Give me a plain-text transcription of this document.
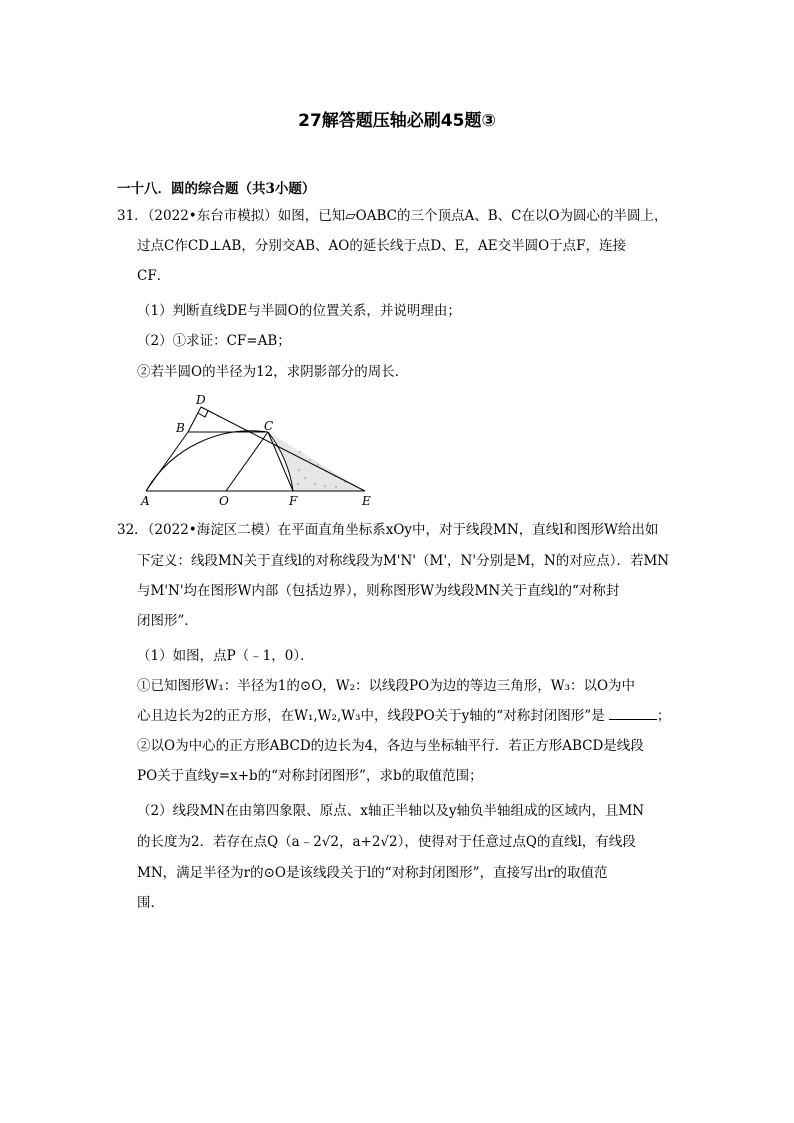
27解答题压轴必刷45题③
一十八．圆的综合题（共3小题）
31．（2022•东台市模拟）如图，已知▱OABC的三个顶点A、B、C在以O为圆心的半圆上，
过点C作CD⊥AB，分别交AB、AO的延长线于点D、E，AE交半圆O于点F，连接
CF．
（1）判断直线DE与半圆O的位置关系，并说明理由；
（2）①求证：CF=AB；
②若半圆O的半径为12，求阴影部分的周长．
D
B	C
A	O	F	E
32．（2022•海淀区二模）在平面直角坐标系xOy中，对于线段MN，直线l和图形W给出如
下定义：线段MN关于直线l的对称线段为M'N'（M'，N'分别是M，N的对应点）．若MN
与M'N'均在图形W内部（包括边界），则称图形W为线段MN关于直线l的“对称封
闭图形”．
（1）如图，点P（﹣1，0）．
①已知图形W₁：半径为1的⊙O，W₂：以线段PO为边的等边三角形，W₃：以O为中
心且边长为2的正方形，在W₁,W₂,W₃中，线段PO关于y轴的“对称封闭图形”是	；
②以O为中心的正方形ABCD的边长为4，各边与坐标轴平行．若正方形ABCD是线段
PO关于直线y=x+b的“对称封闭图形”，求b的取值范围；
（2）线段MN在由第四象限、原点、x轴正半轴以及y轴负半轴组成的区域内，且MN
的长度为2．若存在点Q（a﹣2√2，a+2√2），使得对于任意过点Q的直线l，有线段
MN，满足半径为r的⊙O是该线段关于l的“对称封闭图形”，直接写出r的取值范
围．
